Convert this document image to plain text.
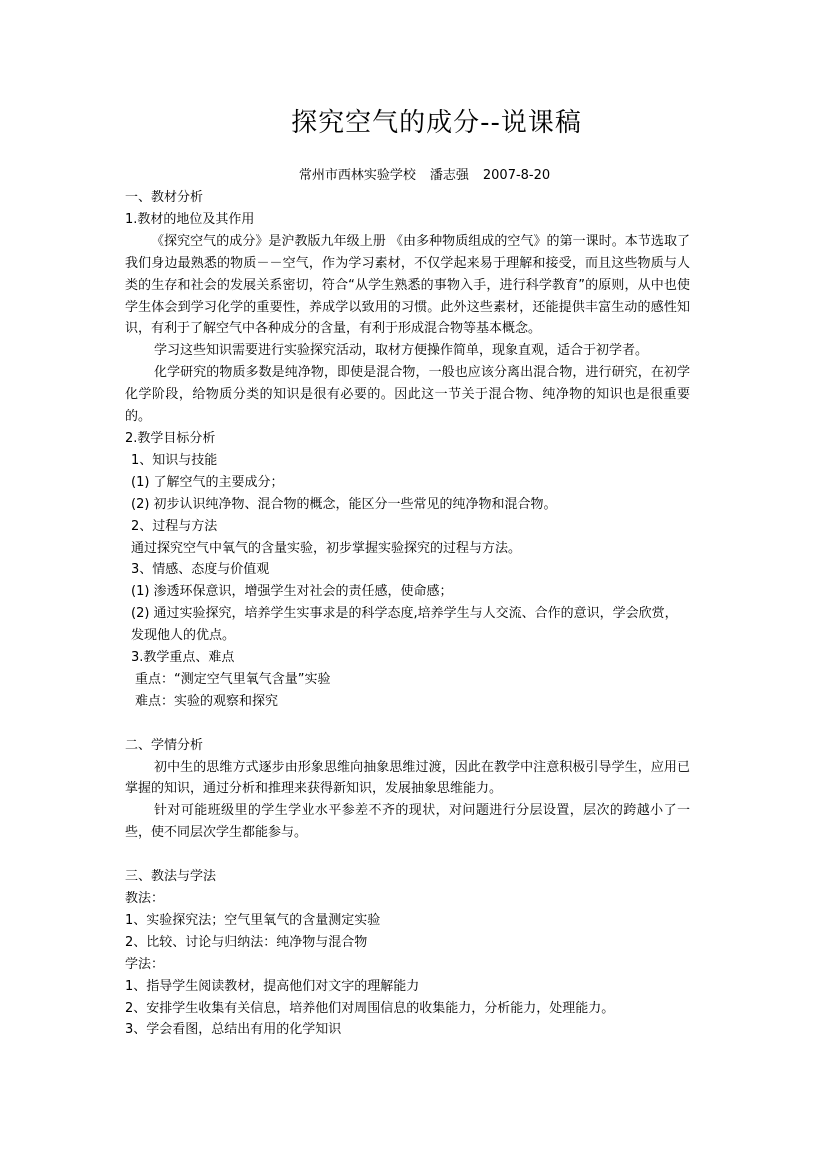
探究空气的成分--说课稿
常州市西林实验学校 潘志强 2007-8-20

一、教材分析

1.教材的地位及其作用

《探究空气的成分》是沪教版九年级上册 《由多种物质组成的空气》的第一课时。本节选取了我们身边最熟悉的物质－－空气，作为学习素材，不仅学起来易于理解和接受，而且这些物质与人类的生存和社会的发展关系密切，符合“从学生熟悉的事物入手，进行科学教育”的原则，从中也使学生体会到学习化学的重要性，养成学以致用的习惯。此外这些素材，还能提供丰富生动的感性知识，有利于了解空气中各种成分的含量，有利于形成混合物等基本概念。

学习这些知识需要进行实验探究活动，取材方便操作简单，现象直观，适合于初学者。

化学研究的物质多数是纯净物，即使是混合物，一般也应该分离出混合物，进行研究，在初学化学阶段，给物质分类的知识是很有必要的。因此这一节关于混合物、纯净物的知识也是很重要的。

2.教学目标分析

1、知识与技能

(1) 了解空气的主要成分；

(2) 初步认识纯净物、混合物的概念，能区分一些常见的纯净物和混合物。

2、过程与方法

通过探究空气中氧气的含量实验，初步掌握实验探究的过程与方法。

3、情感、态度与价值观

(1) 渗透环保意识，增强学生对社会的责任感，使命感；

(2) 通过实验探究，培养学生实事求是的科学态度,培养学生与人交流、合作的意识，学会欣赏，发现他人的优点。

3.教学重点、难点

重点：“测定空气里氧气含量”实验

难点：实验的观察和探究

二、学情分析

初中生的思维方式逐步由形象思维向抽象思维过渡，因此在教学中注意积极引导学生，应用已掌握的知识，通过分析和推理来获得新知识，发展抽象思维能力。

针对可能班级里的学生学业水平参差不齐的现状，对问题进行分层设置，层次的跨越小了一些，使不同层次学生都能参与。

三、教法与学法

教法：

1、实验探究法；空气里氧气的含量测定实验

2、比较、讨论与归纳法：纯净物与混合物

学法：

1、指导学生阅读教材，提高他们对文字的理解能力

2、安排学生收集有关信息，培养他们对周围信息的收集能力，分析能力，处理能力。

3、学会看图，总结出有用的化学知识
